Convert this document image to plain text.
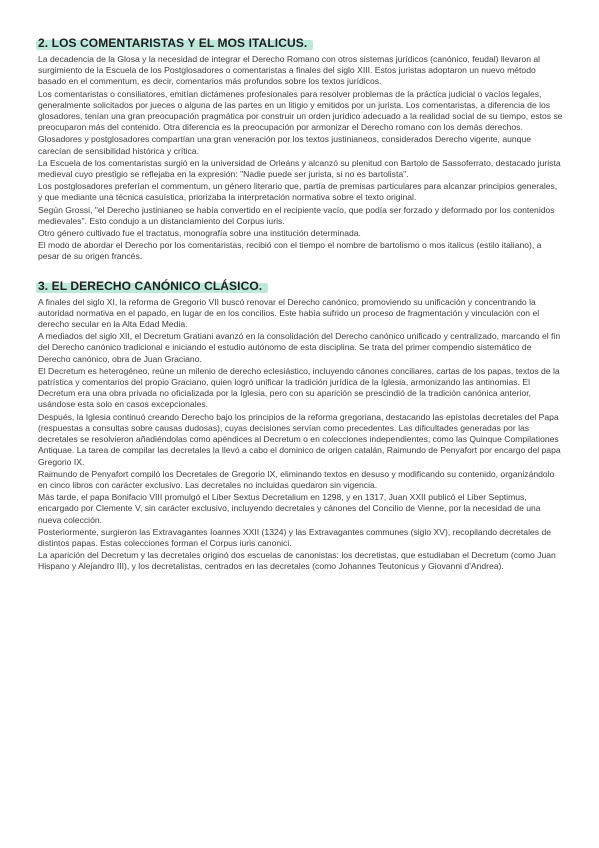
2. LOS COMENTARISTAS Y EL MOS ITALICUS.

La decadencia de la Glosa y la necesidad de integrar el Derecho Romano con otros sistemas jurídicos (canónico, feudal) llevaron al surgimiento de la Escuela de los Postglosadores o comentaristas a finales del siglo XIII. Estos juristas adoptaron un nuevo método basado en el commentum, es decir, comentarios más profundos sobre los textos jurídicos.

Los comentaristas o consiliatores, emitían dictámenes profesionales para resolver problemas de la práctica judicial o vacíos legales, generalmente solicitados por jueces o alguna de las partes en un litigio y emitidos por un jurista. Los comentaristas, a diferencia de los glosadores, tenían una gran preocupación pragmática por construir un orden jurídico adecuado a la realidad social de su tiempo, estos se preocuparon más del contenido. Otra diferencia es la preocupación por armonizar el Derecho romano con los demás derechos.

Glosadores y postglosadores compartían una gran veneración por los textos justinianeos, considerados Derecho vigente, aunque carecían de sensibilidad histórica y crítica.

La Escuela de los comentaristas surgió en la universidad de Orleáns y alcanzó su plenitud con Bartolo de Sassoferrato, destacado jurista medieval cuyo prestigio se reflejaba en la expresión: "Nadie puede ser jurista, si no es bartolista".

Los postglosadores preferían el commentum, un género literario que, partía de premisas particulares para alcanzar principios generales, y que mediante una técnica casuística, priorizaba la interpretación normativa sobre el texto original.

Según Grossi, "el Derecho justinianeo se había convertido en el recipiente vacío, que podía ser forzado y deformado por los contenidos medievales". Esto condujo a un distanciamiento del Corpus iuris.

Otro género cultivado fue el tractatus, monografía sobre una institución determinada.

El modo de abordar el Derecho por los comentaristas, recibió con el tiempo el nombre de bartolismo o mos italicus (estilo italiano), a pesar de su origen francés.

3. EL DERECHO CANÓNICO CLÁSICO.

A finales del siglo XI, la reforma de Gregorio VII buscó renovar el Derecho canónico, promoviendo su unificación y concentrando la autoridad normativa en el papado, en lugar de en los concilios. Este había sufrido un proceso de fragmentación y vinculación con el derecho secular en la Alta Edad Media.

A mediados del siglo XII, el Decretum Gratiani avanzó en la consolidación del Derecho canónico unificado y centralizado, marcando el fin del Derecho canónico tradicional e iniciando el estudio autónomo de esta disciplina. Se trata del primer compendio sistemático de Derecho canónico, obra de Juan Graciano.

El Decretum es heterogéneo, reúne un milenio de derecho eclesiástico, incluyendo cánones conciliares, cartas de los papas, textos de la patrística y comentarios del propio Graciano, quien logró unificar la tradición jurídica de la Iglesia, armonizando las antinomias. El Decretum era una obra privada no oficializada por la Iglesia, pero con su aparición se prescindió de la tradición canónica anterior, usándose esta solo en casos excepcionales.

Después, la Iglesia continuó creando Derecho bajo los principios de la reforma gregoriana, destacando las epístolas decretales del Papa (respuestas a consultas sobre causas dudosas), cuyas decisiones servían como precedentes. Las dificultades generadas por las decretales se resolvieron añadiéndolas como apéndices al Decretum o en colecciones independientes, como las Quinque Compilationes Antiquae. La tarea de compilar las decretales la llevó a cabo el dominico de origen catalán, Raimundo de Penyafort por encargo del papa Gregorio IX.

Raimundo de Penyafort compiló los Decretales de Gregorio IX, eliminando textos en desuso y modificando su contenido, organizándolo en cinco libros con carácter exclusivo. Las decretales no incluidas quedaron sin vigencia.

Más tarde, el papa Bonifacio VIII promulgó el Liber Sextus Decretalium en 1298, y en 1317, Juan XXII publicó el Liber Septimus, encargado por Clemente V, sin carácter exclusivo, incluyendo decretales y cánones del Concilio de Vienne, por la necesidad de una nueva colección.

Posteriormente, surgieron las Extravagantes Ioannes XXII (1324) y las Extravagantes communes (siglo XV), recopilando decretales de distintos papas. Estas colecciones forman el Corpus iuris canonici.

La aparición del Decretum y las decretales originó dos escuelas de canonistas: los decretistas, que estudiaban el Decretum (como Juan Hispano y Alejandro III), y los decretalistas, centrados en las decretales (como Johannes Teutonicus y Giovanni d'Andrea).
